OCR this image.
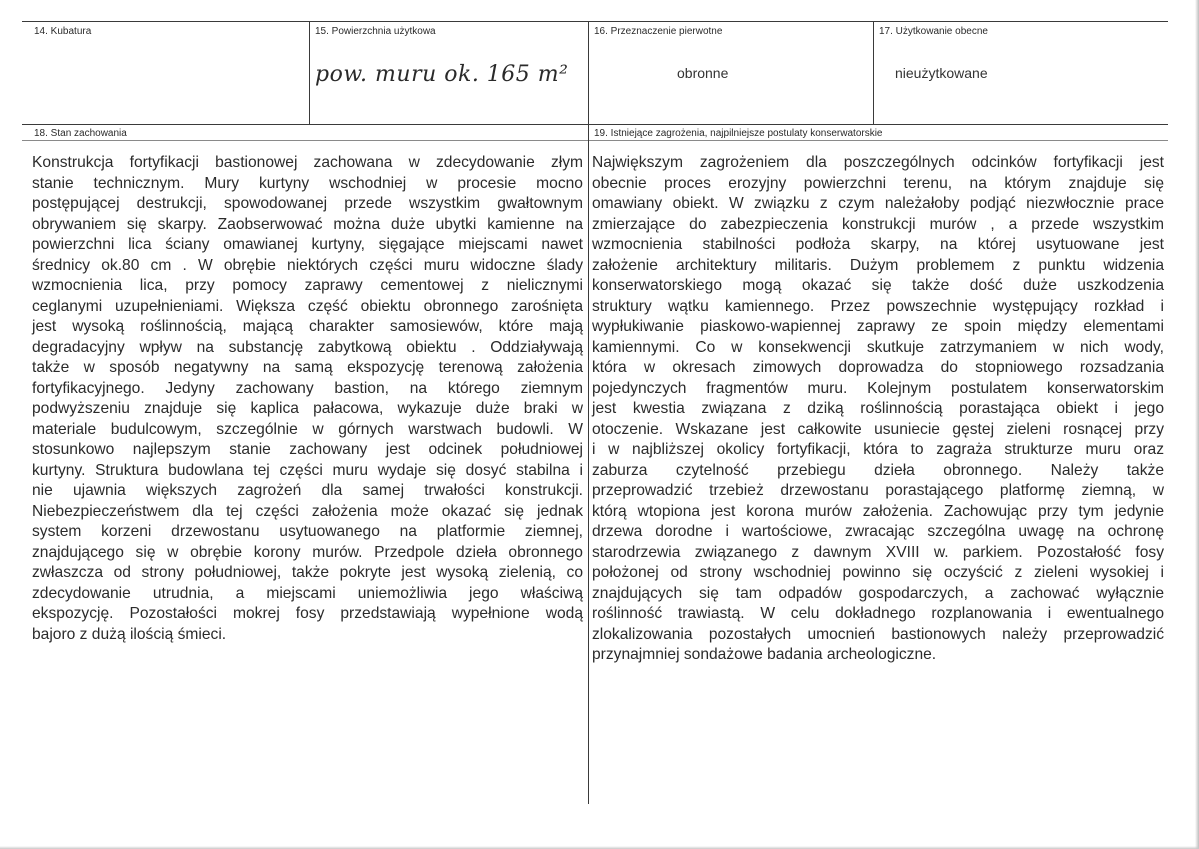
14. Kubatura	15. Powierzchnia użytkowa
pow. muru ok. 165 m²
16. Przeznaczenie pierwotne
obronne
17. Użytkowanie obecne
nieużytkowane
18. Stan zachowania	19. Istniejące zagrożenia, najpilniejsze postulaty konserwatorskie
Konstrukcja fortyfikacji bastionowej zachowana w zdecydowanie złym
stanie technicznym. Mury kurtyny wschodniej w procesie mocno
postępującej destrukcji, spowodowanej przede wszystkim gwałtownym
obrywaniem się skarpy. Zaobserwować można duże ubytki kamienne na
powierzchni lica ściany omawianej kurtyny, sięgające miejscami nawet
średnicy ok.80 cm . W obrębie niektórych części muru widoczne ślady
wzmocnienia lica, przy pomocy zaprawy cementowej z nielicznymi
ceglanymi uzupełnieniami. Większa część obiektu obronnego zarośnięta
jest wysoką roślinnością, mającą charakter samosiewów, które mają
degradacyjny wpływ na substancję zabytkową obiektu . Oddziaływają
także w sposób negatywny na samą ekspozycję terenową założenia
fortyfikacyjnego. Jedyny zachowany bastion, na którego ziemnym
podwyższeniu znajduje się kaplica pałacowa, wykazuje duże braki w
materiale budulcowym, szczególnie w górnych warstwach budowli. W
stosunkowo najlepszym stanie zachowany jest odcinek południowej
kurtyny. Struktura budowlana tej części muru wydaje się dosyć stabilna i
nie ujawnia większych zagrożeń dla samej trwałości konstrukcji.
Niebezpieczeństwem dla tej części założenia może okazać się jednak
system korzeni drzewostanu usytuowanego na platformie ziemnej,
znajdującego się w obrębie korony murów. Przedpole dzieła obronnego
zwłaszcza od strony południowej, także pokryte jest wysoką zielenią, co
zdecydowanie utrudnia, a miejscami uniemożliwia jego właściwą
ekspozycję. Pozostałości mokrej fosy przedstawiają wypełnione wodą
bajoro z dużą ilością śmieci.
Największym zagrożeniem dla poszczególnych odcinków fortyfikacji jest
obecnie proces erozyjny powierzchni terenu, na którym znajduje się
omawiany obiekt. W związku z czym należałoby podjąć niezwłocznie prace
zmierzające do zabezpieczenia konstrukcji murów , a przede wszystkim
wzmocnienia stabilności podłoża skarpy, na której usytuowane jest
założenie architektury militaris. Dużym problemem z punktu widzenia
konserwatorskiego mogą okazać się także dość duże uszkodzenia
struktury wątku kamiennego. Przez powszechnie występujący rozkład i
wypłukiwanie piaskowo-wapiennej zaprawy ze spoin między elementami
kamiennymi. Co w konsekwencji skutkuje zatrzymaniem w nich wody,
która w okresach zimowych doprowadza do stopniowego rozsadzania
pojedynczych fragmentów muru. Kolejnym postulatem konserwatorskim
jest kwestia związana z dziką roślinnością porastająca obiekt i jego
otoczenie. Wskazane jest całkowite usuniecie gęstej zieleni rosnącej przy
i w najbliższej okolicy fortyfikacji, która to zagraża strukturze muru oraz
zaburza czytelność przebiegu dzieła obronnego. Należy także
przeprowadzić trzebież drzewostanu porastającego platformę ziemną, w
którą wtopiona jest korona murów założenia. Zachowując przy tym jedynie
drzewa dorodne i wartościowe, zwracając szczególna uwagę na ochronę
starodrzewia związanego z dawnym XVIII w. parkiem. Pozostałość fosy
położonej od strony wschodniej powinno się oczyścić z zieleni wysokiej i
znajdujących się tam odpadów gospodarczych, a zachować wyłącznie
roślinność trawiastą. W celu dokładnego rozplanowania i ewentualnego
zlokalizowania pozostałych umocnień bastionowych należy przeprowadzić
przynajmniej sondażowe badania archeologiczne.
